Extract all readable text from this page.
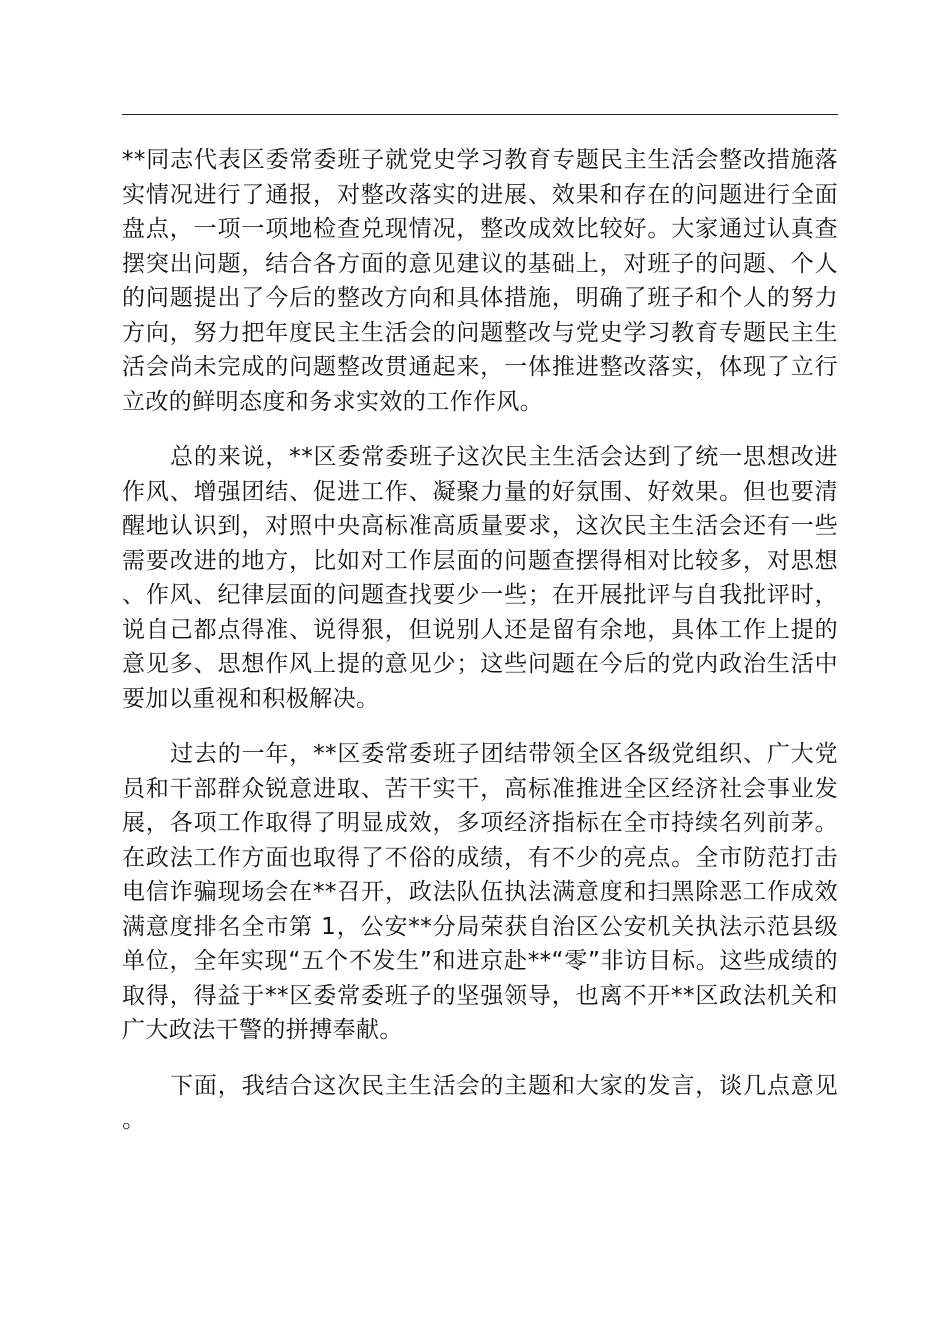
**同志代表区委常委班子就党史学习教育专题民主生活会整改措施落实情况进行了通报，对整改落实的进展、效果和存在的问题进行全面盘点，一项一项地检查兑现情况，整改成效比较好。大家通过认真查摆突出问题，结合各方面的意见建议的基础上，对班子的问题、个人的问题提出了今后的整改方向和具体措施，明确了班子和个人的努力方向，努力把年度民主生活会的问题整改与党史学习教育专题民主生活会尚未完成的问题整改贯通起来，一体推进整改落实，体现了立行立改的鲜明态度和务求实效的工作作风。

总的来说，**区委常委班子这次民主生活会达到了统一思想改进作风、增强团结、促进工作、凝聚力量的好氛围、好效果。但也要清醒地认识到，对照中央高标准高质量要求，这次民主生活会还有一些需要改进的地方，比如对工作层面的问题查摆得相对比较多，对思想、作风、纪律层面的问题查找要少一些；在开展批评与自我批评时，说自己都点得准、说得狠，但说别人还是留有余地，具体工作上提的意见多、思想作风上提的意见少；这些问题在今后的党内政治生活中要加以重视和积极解决。

过去的一年，**区委常委班子团结带领全区各级党组织、广大党员和干部群众锐意进取、苦干实干，高标准推进全区经济社会事业发展，各项工作取得了明显成效，多项经济指标在全市持续名列前茅。在政法工作方面也取得了不俗的成绩，有不少的亮点。全市防范打击电信诈骗现场会在**召开，政法队伍执法满意度和扫黑除恶工作成效满意度排名全市第 1，公安**分局荣获自治区公安机关执法示范县级单位，全年实现“五个不发生”和进京赴**“零”非访目标。这些成绩的取得，得益于**区委常委班子的坚强领导，也离不开**区政法机关和广大政法干警的拼搏奉献。

下面，我结合这次民主生活会的主题和大家的发言，谈几点意见。
